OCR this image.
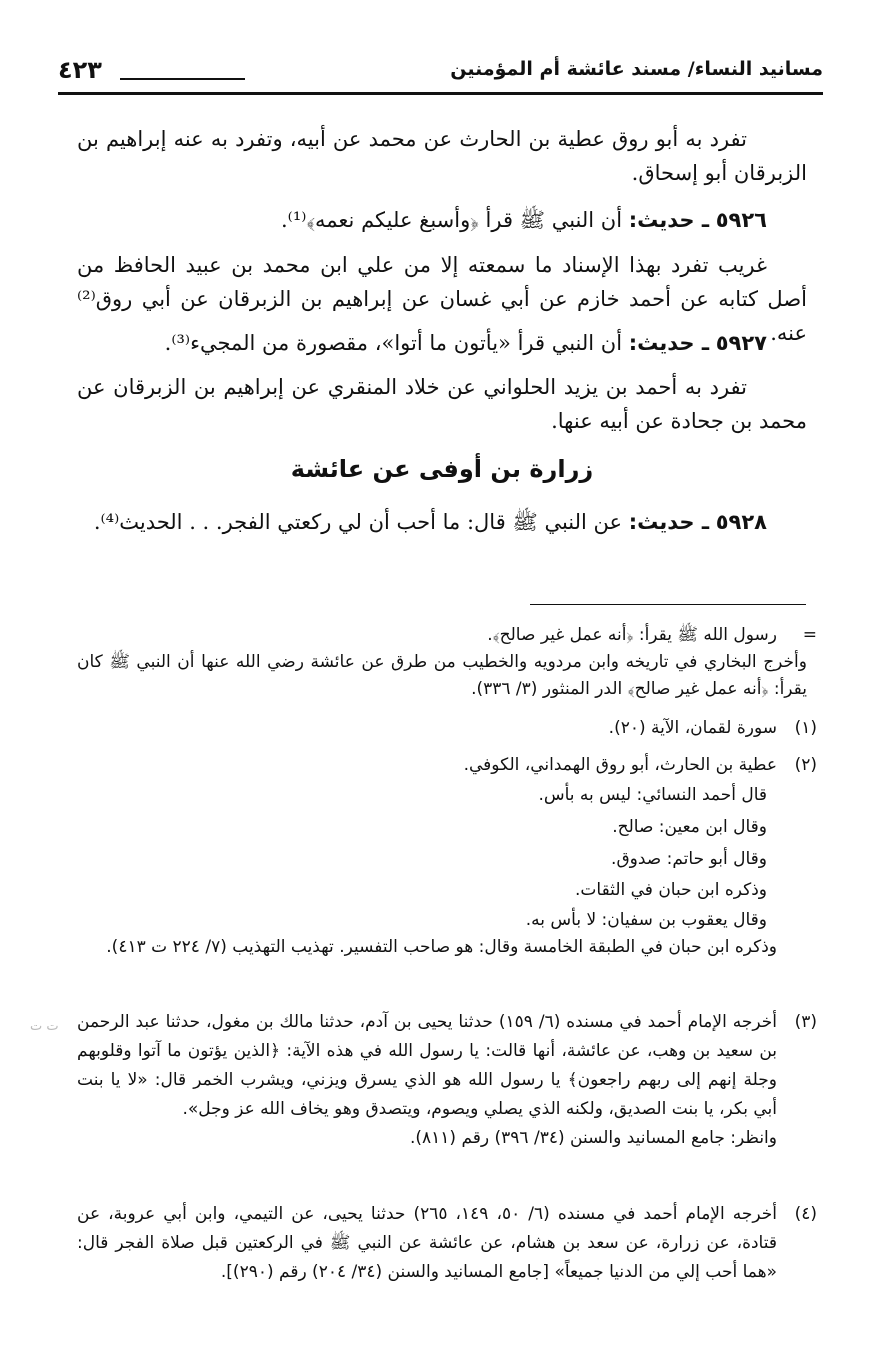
٤٢٣	مسانيد النساء/ مسند عائشة أم المؤمنين

تفرد به أبو روق عطية بن الحارث عن محمد عن أبيه، وتفرد به عنه إبراهيم بن الزبرقان أبو إسحاق.

٥٩٢٦ ـ حديث: أن النبي ﷺ قرأ ﴿وأسبغ عليكم نعمه﴾⁽¹⁾.

غريب تفرد بهذا الإسناد ما سمعته إلا من علي ابن محمد بن عبيد الحافظ من أصل كتابه عن أحمد خازم عن أبي غسان عن إبراهيم بن الزبرقان عن أبي روق⁽²⁾ عنه.

٥٩٢٧ ـ حديث: أن النبي قرأ «يأتون ما أتوا»، مقصورة من المجيء⁽³⁾.

تفرد به أحمد بن يزيد الحلواني عن خلاد المنقري عن إبراهيم بن الزبرقان عن محمد بن جحادة عن أبيه عنها.

زرارة بن أوفى عن عائشة

٥٩٢٨ ـ حديث: عن النبي ﷺ قال: ما أحب أن لي ركعتي الفجر. . . الحديث⁽⁴⁾.

=
رسول الله ﷺ يقرأ: ﴿أنه عمل غير صالح﴾.
وأخرج البخاري في تاريخه وابن مردويه والخطيب من طرق عن عائشة رضي الله عنها أن النبي ﷺ كان يقرأ: ﴿أنه عمل غير صالح﴾ الدر المنثور (٣/ ٣٣٦).
(١)
سورة لقمان، الآية (٢٠).
(٢)
عطية بن الحارث، أبو روق الهمداني، الكوفي.
قال أحمد النسائي: ليس به بأس.
وقال ابن معين: صالح.
وقال أبو حاتم: صدوق.
وذكره ابن حبان في الثقات.
وقال يعقوب بن سفيان: لا بأس به.
وذكره ابن حبان في الطبقة الخامسة وقال: هو صاحب التفسير. تهذيب التهذيب (٧/ ٢٢٤ ت ٤١٣).
(٣)
أخرجه الإمام أحمد في مسنده (٦/ ١٥٩) حدثنا يحيى بن آدم، حدثنا مالك بن مغول، حدثنا عبد الرحمن بن سعيد بن وهب، عن عائشة، أنها قالت: يا رسول الله في هذه الآية: ﴿الذين يؤتون ما آتوا وقلوبهم وجلة إنهم إلى ربهم راجعون﴾ يا رسول الله هو الذي يسرق ويزني، ويشرب الخمر قال: «لا يا بنت أبي بكر، يا بنت الصديق، ولكنه الذي يصلي ويصوم، ويتصدق وهو يخاف الله عز وجل».
وانظر: جامع المسانيد والسنن (٣٤/ ٣٩٦) رقم (٨١١).
(٤)
أخرجه الإمام أحمد في مسنده (٦/ ٥٠، ١٤٩، ٢٦٥) حدثنا يحيى، عن التيمي، وابن أبي عروبة، عن قتادة، عن زرارة، عن سعد بن هشام، عن عائشة عن النبي ﷺ في الركعتين قبل صلاة الفجر قال: «هما أحب إلي من الدنيا جميعاً» [جامع المسانيد والسنن (٣٤/ ٢٠٤) رقم (٢٩٠)].
ت ت
